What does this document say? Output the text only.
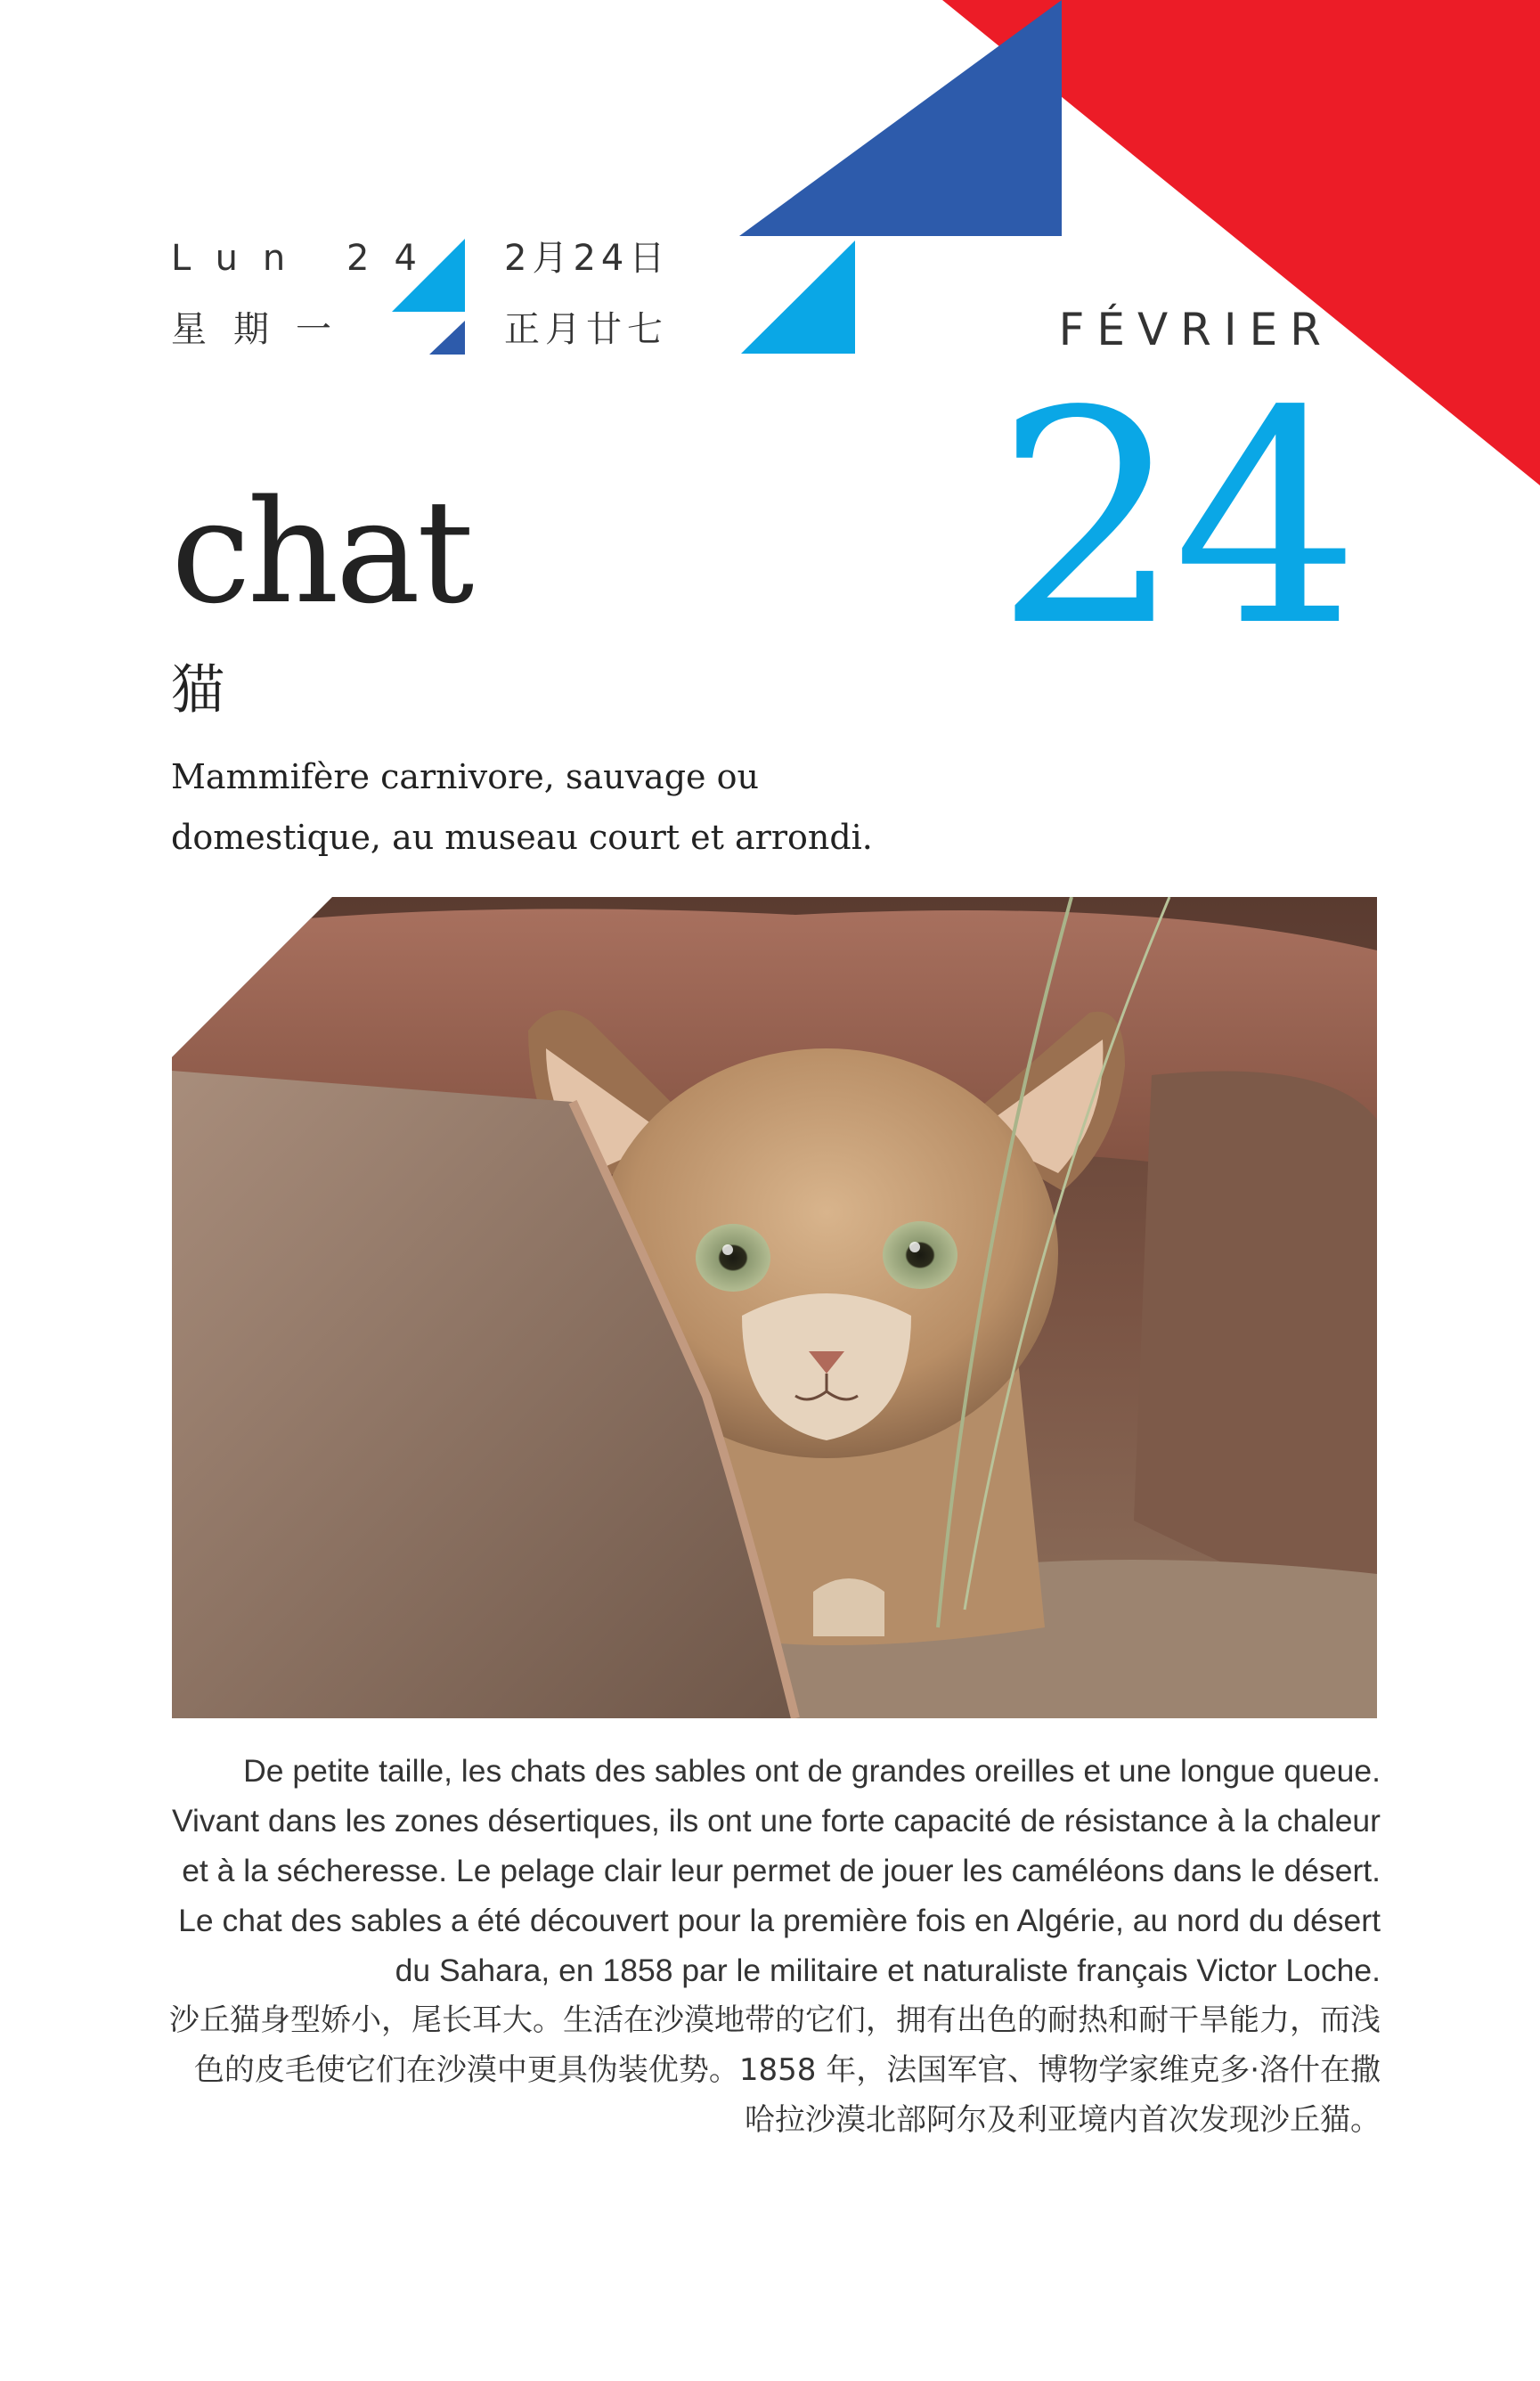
Lun 24
星期一
2月24日
正月廿七	FÉVRIER
24
chat
猫
Mammifère carnivore, sauvage ou domestique, au museau court et arrondi.
De petite taille, les chats des sables ont de grandes oreilles et une longue queue. Vivant dans les zones désertiques, ils ont une forte capacité de résistance à la chaleur et à la sécheresse. Le pelage clair leur permet de jouer les caméléons dans le désert. Le chat des sables a été découvert pour la première fois en Algérie, au nord du désert du Sahara, en 1858 par le militaire et naturaliste français Victor Loche.
沙丘猫身型娇小，尾长耳大。生活在沙漠地带的它们，拥有出色的耐热和耐干旱能力，而浅色的皮毛使它们在沙漠中更具伪装优势。1858 年，法国军官、博物学家维克多·洛什在撒哈拉沙漠北部阿尔及利亚境内首次发现沙丘猫。
